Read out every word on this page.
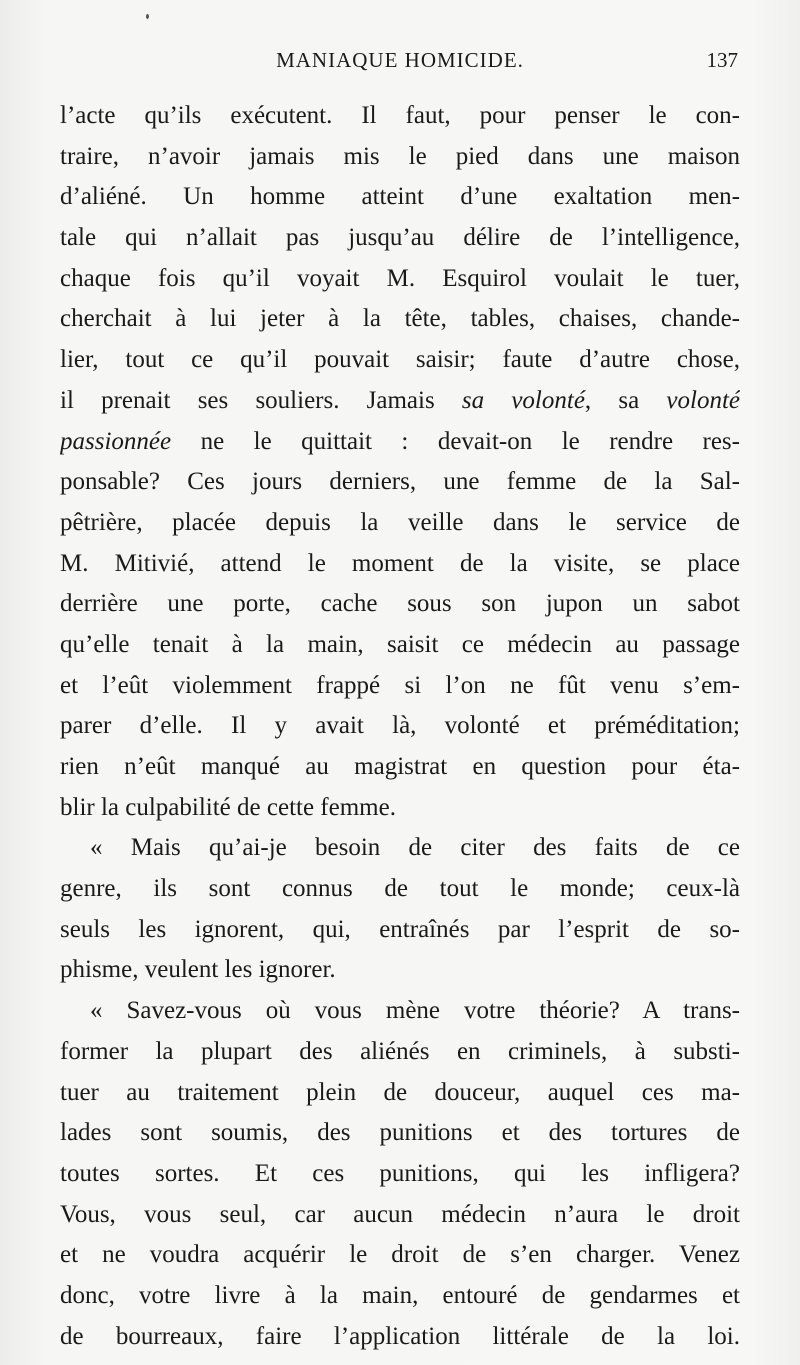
MANIAQUE HOMICIDE.	137
l’acte qu’ils exécutent. Il faut, pour penser le con-
traire, n’avoir jamais mis le pied dans une maison
d’aliéné. Un homme atteint d’une exaltation men-
tale qui n’allait pas jusqu’au délire de l’intelligence,
chaque fois qu’il voyait M. Esquirol voulait le tuer,
cherchait à lui jeter à la tête, tables, chaises, chande-
lier, tout ce qu’il pouvait saisir; faute d’autre chose,
il prenait ses souliers. Jamais sa volonté, sa volonté
passionnée ne le quittait : devait-on le rendre res-
ponsable? Ces jours derniers, une femme de la Sal-
pêtrière, placée depuis la veille dans le service de
M. Mitivié, attend le moment de la visite, se place
derrière une porte, cache sous son jupon un sabot
qu’elle tenait à la main, saisit ce médecin au passage
et l’eût violemment frappé si l’on ne fût venu s’em-
parer d’elle. Il y avait là, volonté et préméditation;
rien n’eût manqué au magistrat en question pour éta-
blir la culpabilité de cette femme.
« Mais qu’ai-je besoin de citer des faits de ce
genre, ils sont connus de tout le monde; ceux-là
seuls les ignorent, qui, entraînés par l’esprit de so-
phisme, veulent les ignorer.
« Savez-vous où vous mène votre théorie? A trans-
former la plupart des aliénés en criminels, à substi-
tuer au traitement plein de douceur, auquel ces ma-
lades sont soumis, des punitions et des tortures de
toutes sortes. Et ces punitions, qui les infligera?
Vous, vous seul, car aucun médecin n’aura le droit
et ne voudra acquérir le droit de s’en charger. Venez
donc, votre livre à la main, entouré de gendarmes et
de bourreaux, faire l’application littérale de la loi.
